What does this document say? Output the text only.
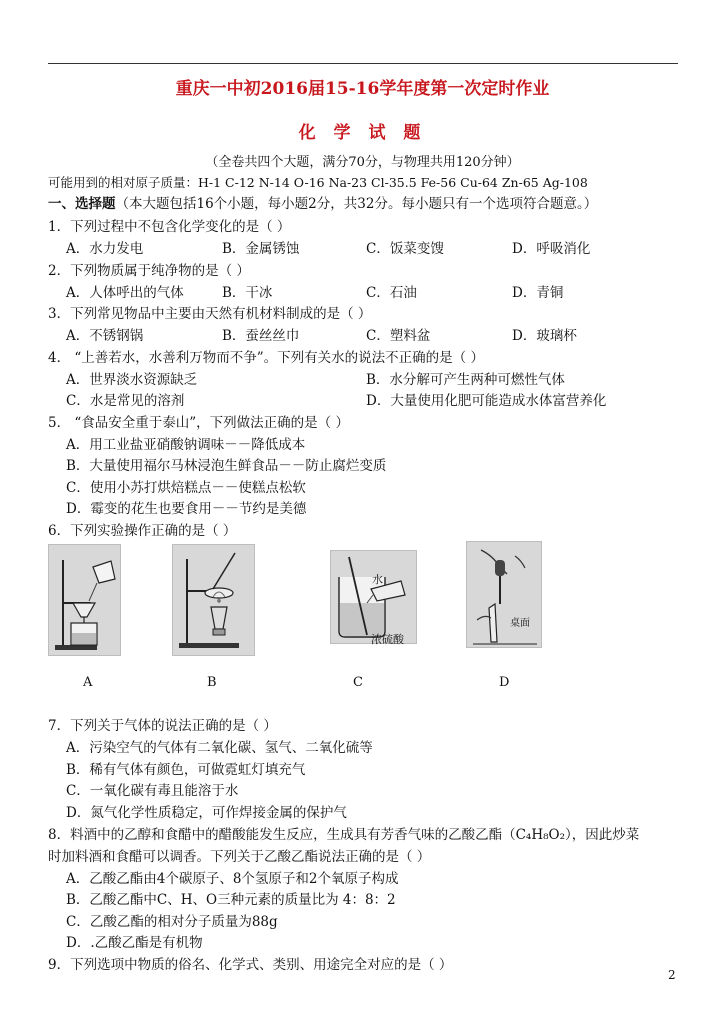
重庆一中初2016届15-16学年度第一次定时作业
化 学 试 题
（全卷共四个大题，满分70分，与物理共用120分钟）
可能用到的相对原子质量：H-1 C-12 N-14 O-16 Na-23 Cl-35.5 Fe-56 Cu-64 Zn-65 Ag-108
一、选择题（本大题包括16个小题，每小题2分，共32分。每小题只有一个选项符合题意。）
1．下列过程中不包含化学变化的是（ ）
A．水力发电	B．金属锈蚀	C．饭菜变馊	D．呼吸消化
2．下列物质属于纯净物的是（ ）
A．人体呼出的气体	B．干冰	C．石油	D．青铜
3．下列常见物品中主要由天然有机材料制成的是（ ）
A．不锈钢锅	B．蚕丝丝巾	C．塑料盆	D．玻璃杯
4． “上善若水，水善利万物而不争”。下列有关水的说法不正确的是（ ）
A．世界淡水资源缺乏	B．水分解可产生两种可燃性气体
C．水是常见的溶剂	D．大量使用化肥可能造成水体富营养化
5． “食品安全重于泰山”，下列做法正确的是（ ）
A．用工业盐亚硝酸钠调味－－降低成本
B．大量使用福尔马林浸泡生鲜食品－－防止腐烂变质
C．使用小苏打烘焙糕点－－使糕点松软
D．霉变的花生也要食用－－节约是美德
6．下列实验操作正确的是（ ）
水
浓硫酸
桌面
A	B	C	D
7．下列关于气体的说法正确的是（ ）
A．污染空气的气体有二氧化碳、氢气、二氧化硫等
B．稀有气体有颜色，可做霓虹灯填充气
C．一氧化碳有毒且能溶于水
D．氮气化学性质稳定，可作焊接金属的保护气
8．料酒中的乙醇和食醋中的醋酸能发生反应，生成具有芳香气味的乙酸乙酯（C₄H₈O₂），因此炒菜
时加料酒和食醋可以调香。下列关于乙酸乙酯说法正确的是（ ）
A．乙酸乙酯由4个碳原子、8个氢原子和2个氧原子构成
B．乙酸乙酯中C、H、O三种元素的质量比为 4：8：2
C．乙酸乙酯的相对分子质量为88g
D．.乙酸乙酯是有机物
9．下列选项中物质的俗名、化学式、类别、用途完全对应的是（ ）
2
